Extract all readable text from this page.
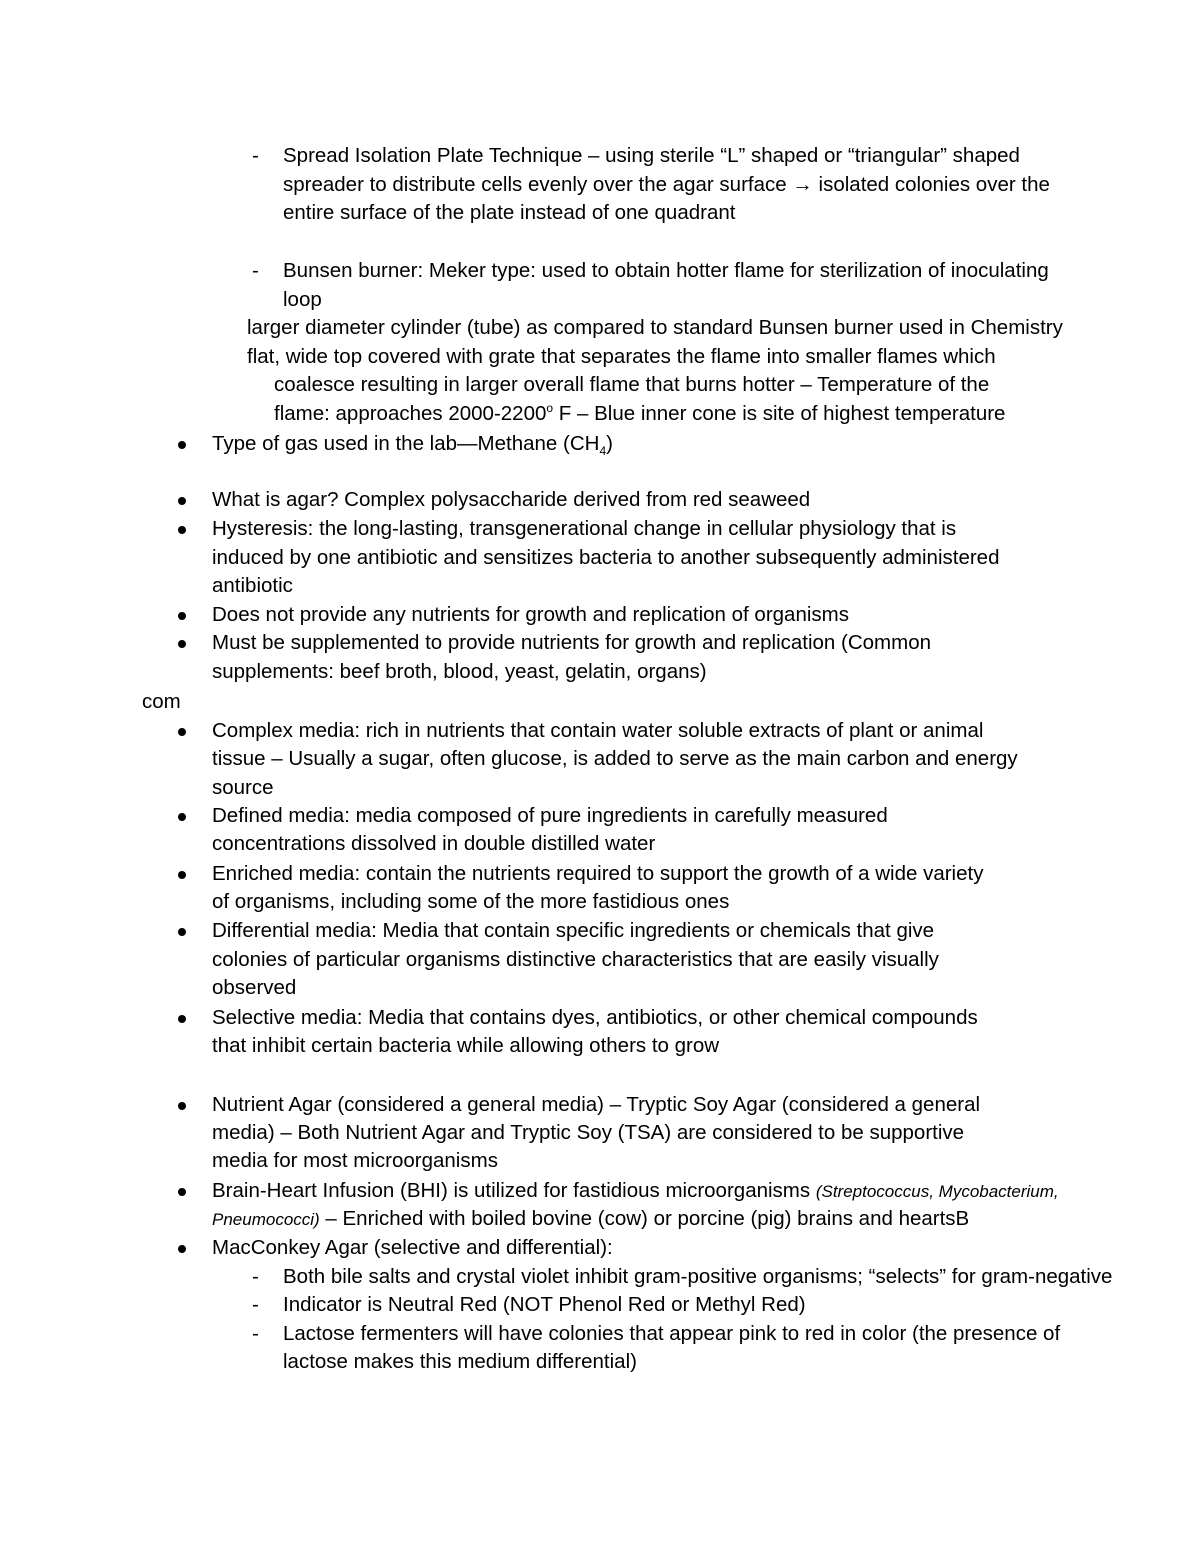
- Spread Isolation Plate Technique – using sterile “L” shaped or “triangular” shaped
spreader to distribute cells evenly over the agar surface → isolated colonies over the
entire surface of the plate instead of one quadrant
- Bunsen burner: Meker type: used to obtain hotter flame for sterilization of inoculating
loop
larger diameter cylinder (tube) as compared to standard Bunsen burner used in Chemistry
flat, wide top covered with grate that separates the flame into smaller flames which
coalesce resulting in larger overall flame that burns hotter – Temperature of the
flame: approaches 2000-2200$^o$ F – Blue inner cone is site of highest temperature
Type of gas used in the lab—Methane $(CH_4)$
What is agar? Complex polysaccharide derived from red seaweed
Hysteresis: the long-lasting, transgenerational change in cellular physiology that is
induced by one antibiotic and sensitizes bacteria to another subsequently administered
antibiotic
Does not provide any nutrients for growth and replication of organisms
Must be supplemented to provide nutrients for growth and replication (Common
supplements: beef broth, blood, yeast, gelatin, organs)
com
Complex media: rich in nutrients that contain water soluble extracts of plant or animal
tissue – Usually a sugar, often glucose, is added to serve as the main carbon and energy
source
Defined media: media composed of pure ingredients in carefully measured
concentrations dissolved in double distilled water
Enriched media: contain the nutrients required to support the growth of a wide variety
of organisms, including some of the more fastidious ones
Differential media: Media that contain specific ingredients or chemicals that give
colonies of particular organisms distinctive characteristics that are easily visually
observed
Selective media: Media that contains dyes, antibiotics, or other chemical compounds
that inhibit certain bacteria while allowing others to grow
Nutrient Agar (considered a general media) – Tryptic Soy Agar (considered a general
media) – Both Nutrient Agar and Tryptic Soy (TSA) are considered to be supportive
media for most microorganisms
Brain-Heart Infusion (BHI) is utilized for fastidious microorganisms (Streptococcus, Mycobacterium,
Pneumococci) – Enriched with boiled bovine (cow) or porcine (pig) brains and heartsB
MacConkey Agar (selective and differential):
- Both bile salts and crystal violet inhibit gram-positive organisms; “selects” for gram-negative
- Indicator is Neutral Red (NOT Phenol Red or Methyl Red)
- Lactose fermenters will have colonies that appear pink to red in color (the presence of
lactose makes this medium differential)
